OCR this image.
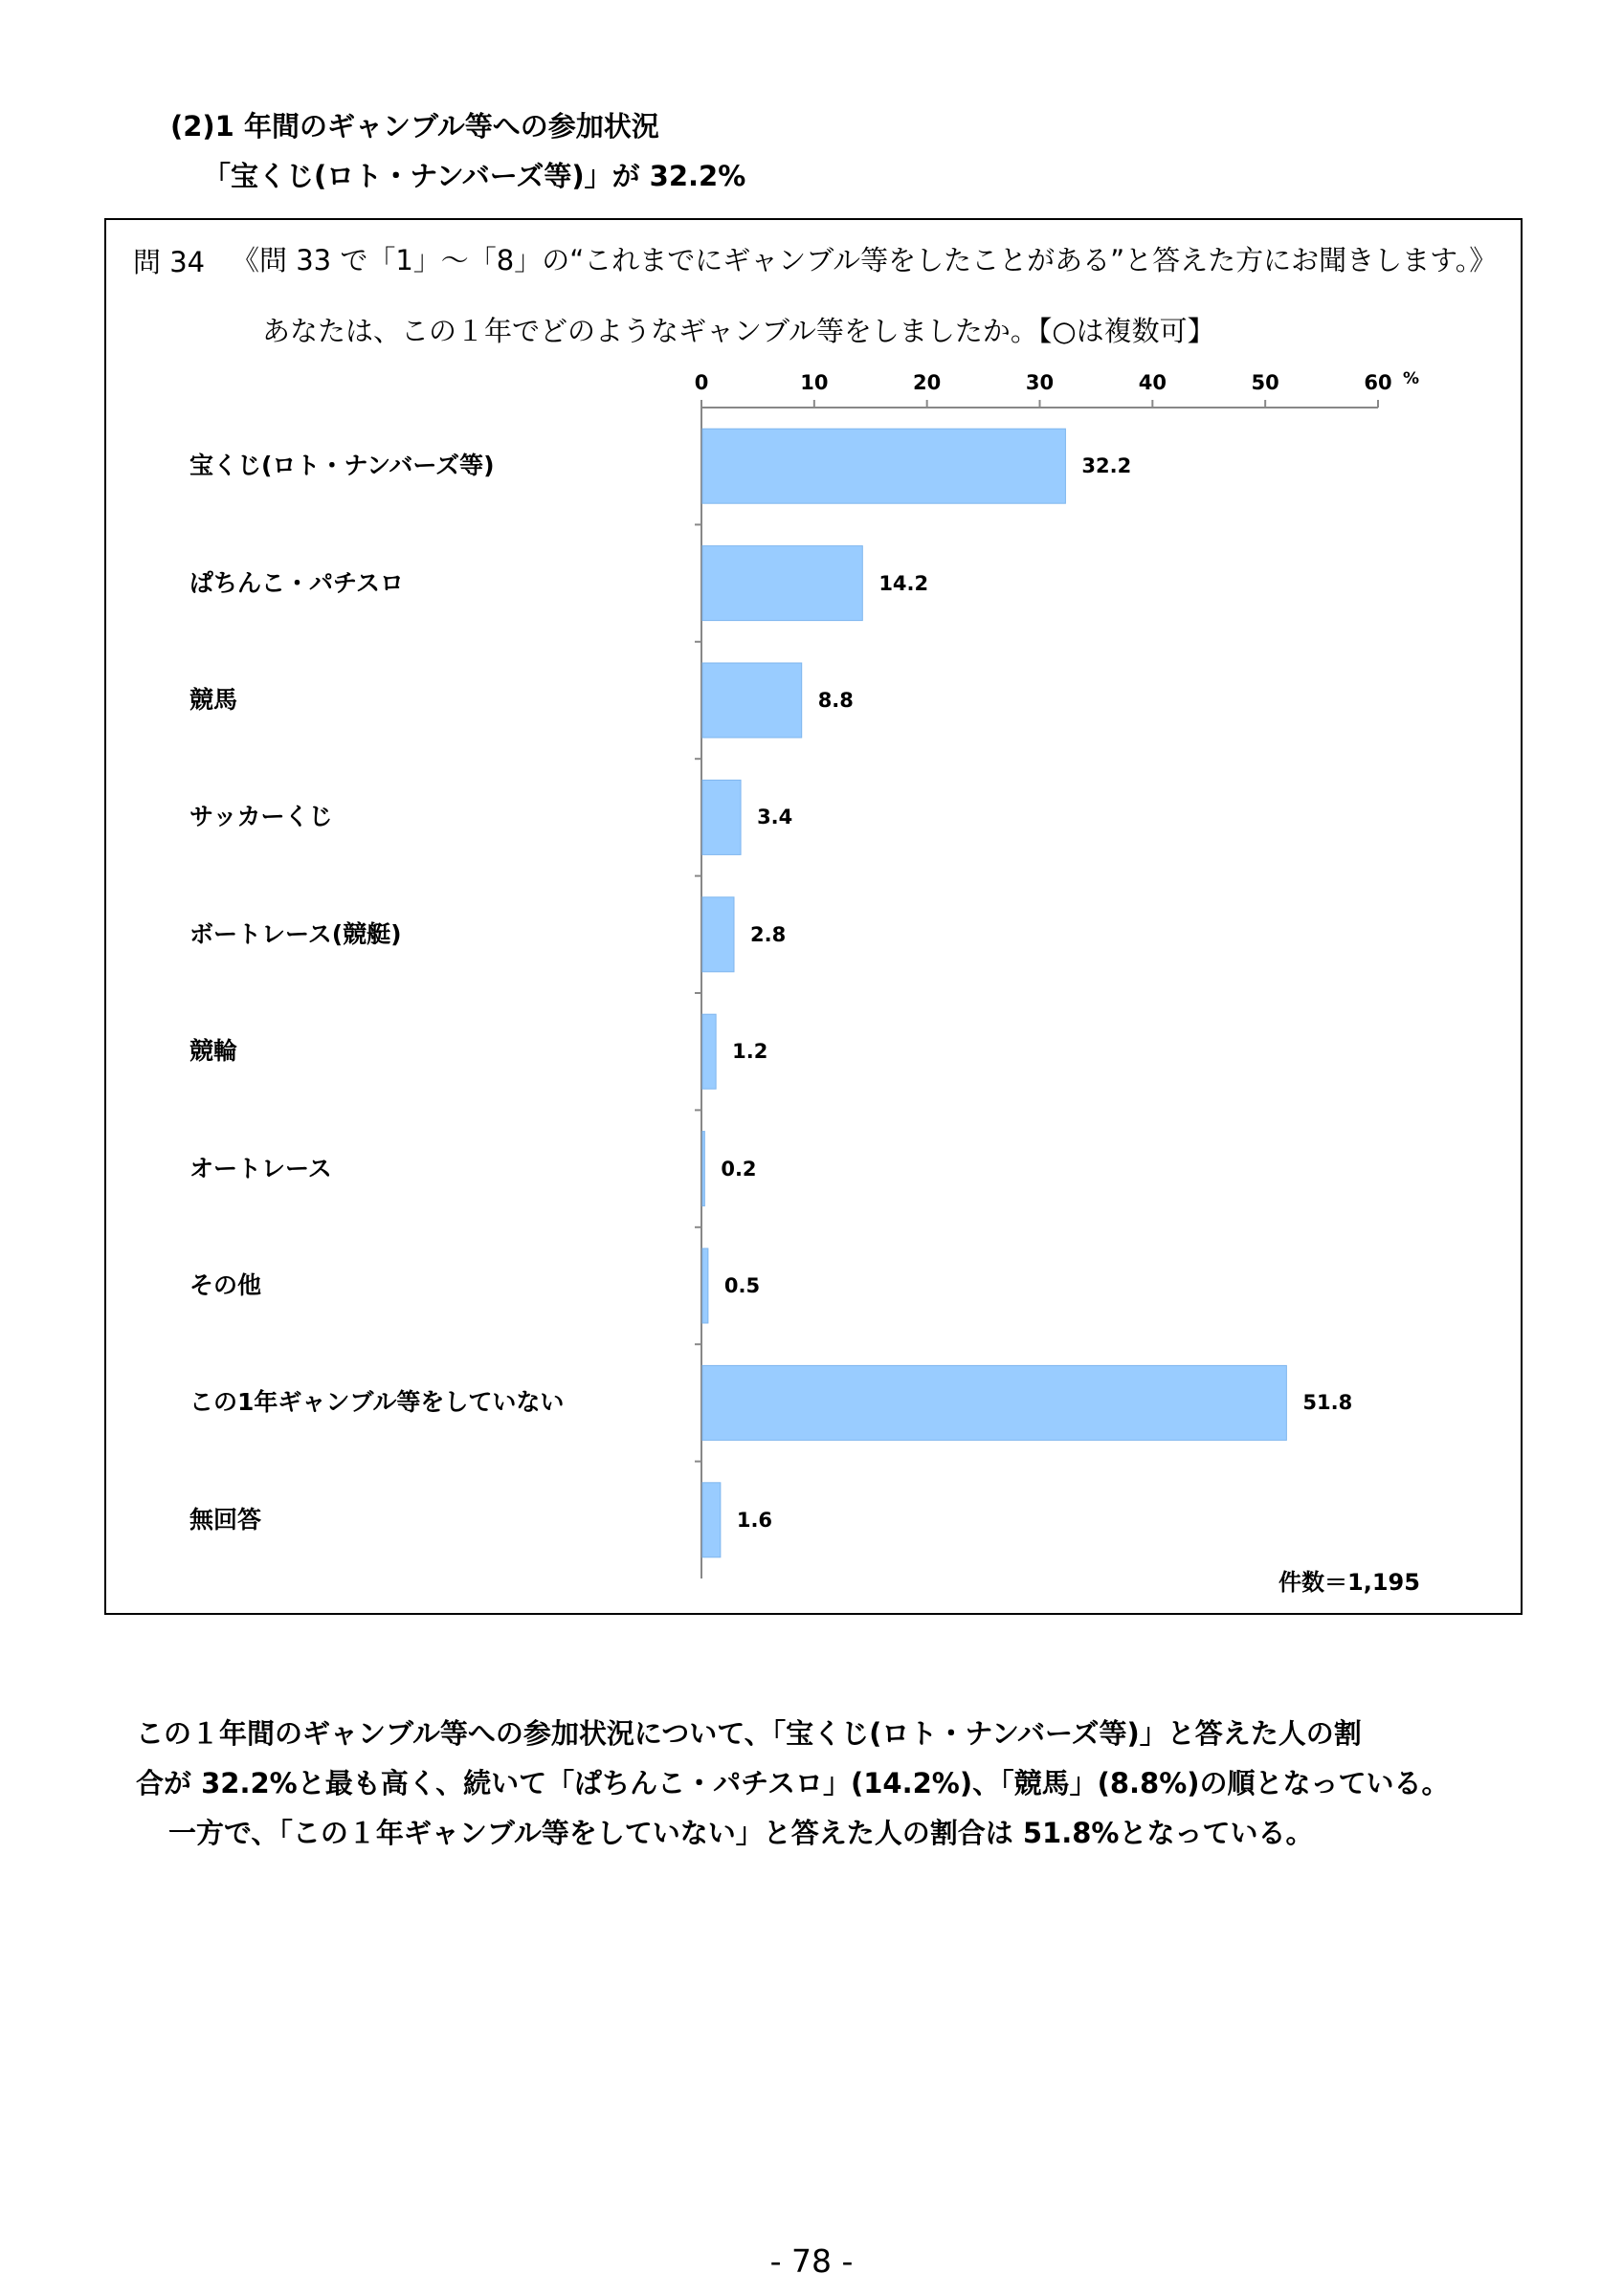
(2)1 年間のギャンブル等への参加状況
「宝くじ(ロト・ナンバーズ等)」が 32.2%
問 34 《問 33 で「1」～「8」の“これまでにギャンブル等をしたことがある”と答えた方にお聞きします。》
あなたは、この１年でどのようなギャンブル等をしましたか。【○は複数可】
%
件数＝1,195
この１年間のギャンブル等への参加状況について、「宝くじ(ロト・ナンバーズ等)」と答えた人の割
合が 32.2%と最も高く、続いて「ぱちんこ・パチスロ」(14.2%)、「競馬」(8.8%)の順となっている。
一方で、「この１年ギャンブル等をしていない」と答えた人の割合は 51.8%となっている。
- 78 -
0	10	20	30	40	50	60
宝くじ(ロト・ナンバーズ等)	32.2
ぱちんこ・パチスロ	14.2
競馬	8.8
サッカーくじ	3.4
ボートレース(競艇)	2.8
競輪	1.2
オートレース	0.2
その他	0.5
この1年ギャンブル等をしていない	51.8
無回答	1.6
